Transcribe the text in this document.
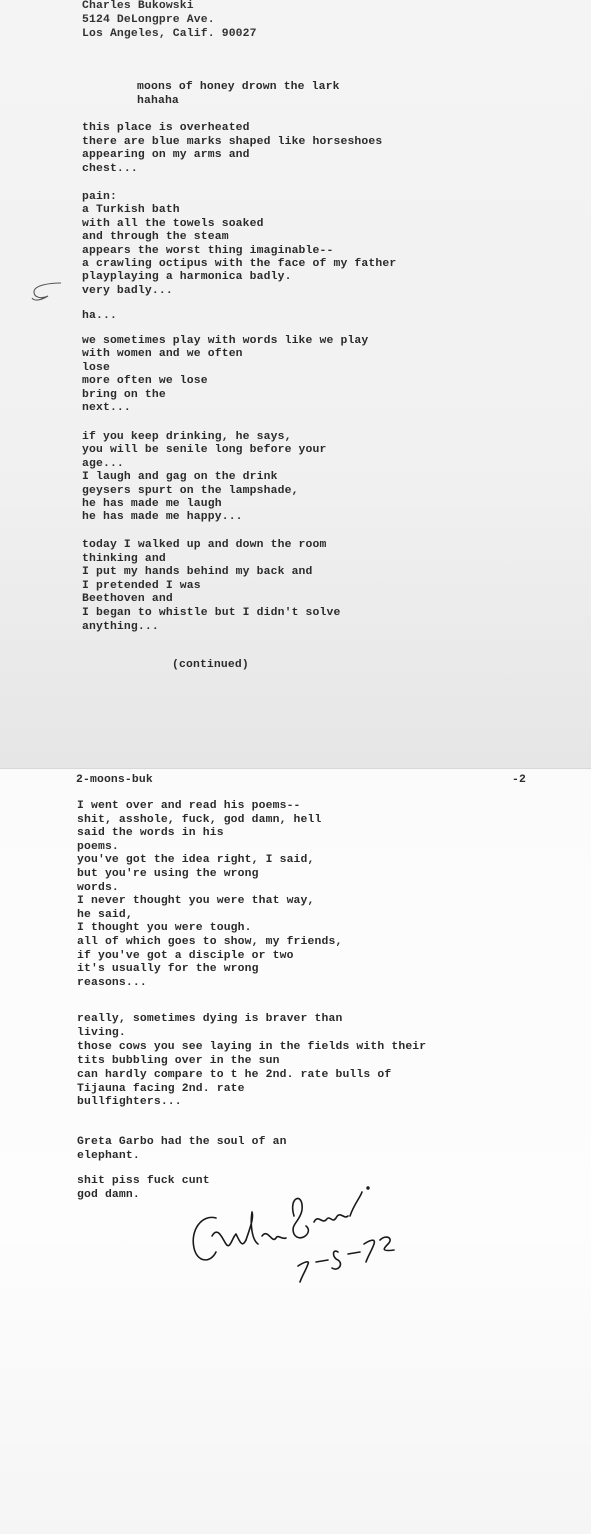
Charles Bukowski
5124 DeLongpre Ave.
Los Angeles, Calif. 90027
moons of honey drown the lark
hahaha
this place is overheated
there are blue marks shaped like horseshoes
appearing on my arms and
chest...
pain:
a Turkish bath
with all the towels soaked
and through the steam
appears the worst thing imaginable--
a crawling octipus with the face of my father
playplaying a harmonica badly.
very badly...
ha...
we sometimes play with words like we play
with women and we often
lose
more often we lose
bring on the
next...
if you keep drinking, he says,
you will be senile long before your
age...
I laugh and gag on the drink
geysers spurt on the lampshade,
he has made me laugh
he has made me happy...
today I walked up and down the room
thinking and
I put my hands behind my back and
I pretended I was
Beethoven and
I began to whistle but I didn't solve
anything...
(continued)
2-moons-buk	-2
I went over and read his poems--
shit, asshole, fuck, god damn, hell
said the words in his
poems.
you've got the idea right, I said,
but you're using the wrong
words.
I never thought you were that way,
he said,
I thought you were tough.
all of which goes to show, my friends,
if you've got a disciple or two
it's usually for the wrong
reasons...
really, sometimes dying is braver than
living.
those cows you see laying in the fields with their
tits bubbling over in the sun
can hardly compare to t he 2nd. rate bulls of
Tijauna facing 2nd. rate
bullfighters...
Greta Garbo had the soul of an
elephant.
shit piss fuck cunt
god damn.
